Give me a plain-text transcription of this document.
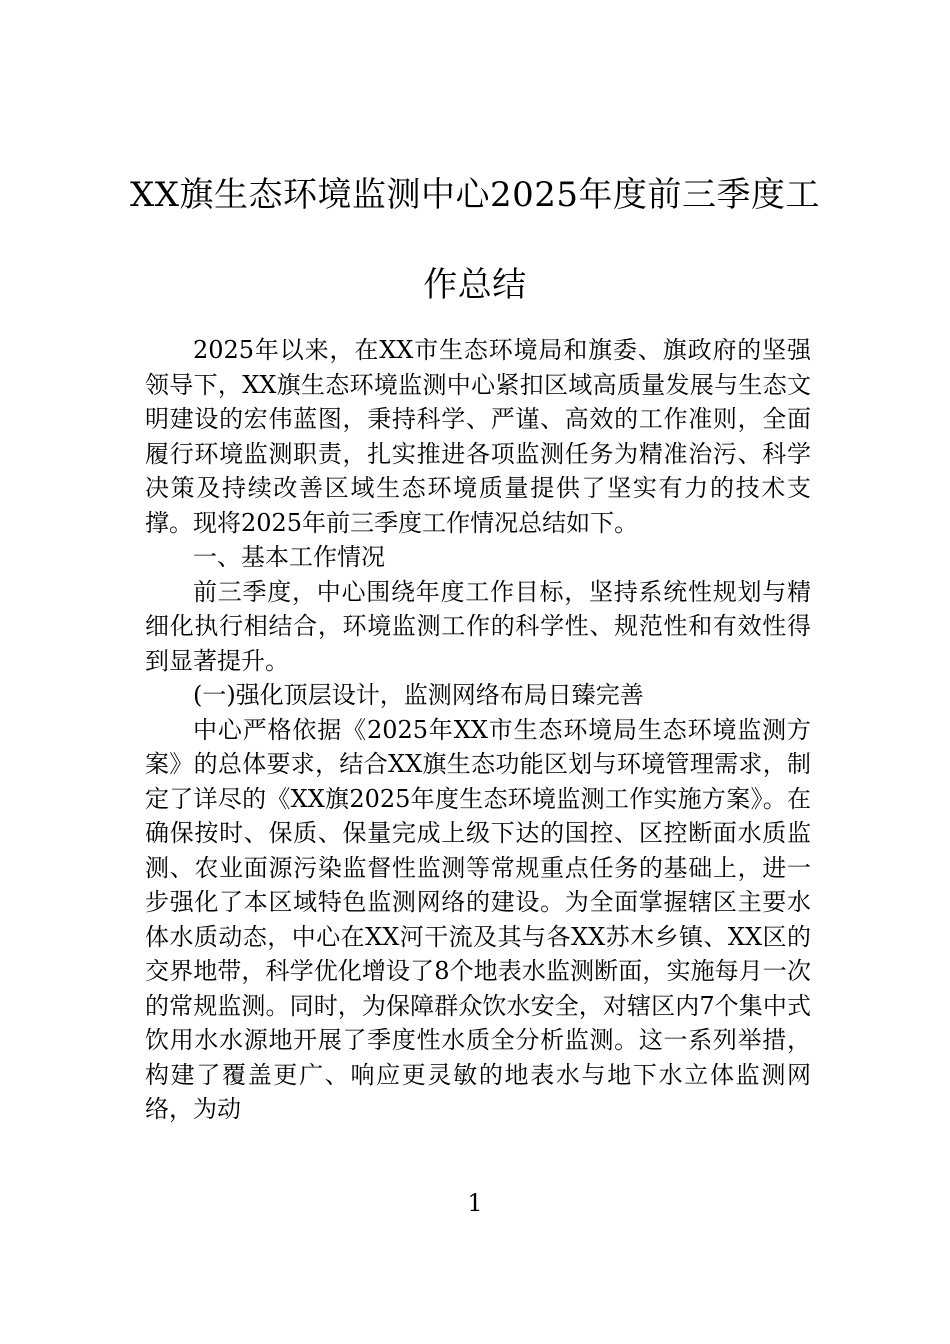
XX旗生态环境监测中心2025年度前三季度工作总结

2025年以来，在XX市生态环境局和旗委、旗政府的坚强领导下，XX旗生态环境监测中心紧扣区域高质量发展与生态文明建设的宏伟蓝图，秉持科学、严谨、高效的工作准则，全面履行环境监测职责，扎实推进各项监测任务为精准治污、科学决策及持续改善区域生态环境质量提供了坚实有力的技术支撑。现将2025年前三季度工作情况总结如下。

一、基本工作情况

前三季度，中心围绕年度工作目标，坚持系统性规划与精细化执行相结合，环境监测工作的科学性、规范性和有效性得到显著提升。

(一)强化顶层设计，监测网络布局日臻完善

中心严格依据《2025年XX市生态环境局生态环境监测方案》的总体要求，结合XX旗生态功能区划与环境管理需求，制定了详尽的《XX旗2025年度生态环境监测工作实施方案》。在确保按时、保质、保量完成上级下达的国控、区控断面水质监测、农业面源污染监督性监测等常规重点任务的基础上，进一步强化了本区域特色监测网络的建设。为全面掌握辖区主要水体水质动态，中心在XX河干流及其与各XX苏木乡镇、XX区的交界地带，科学优化增设了8个地表水监测断面，实施每月一次的常规监测。同时，为保障群众饮水安全，对辖区内7个集中式饮用水水源地开展了季度性水质全分析监测。这一系列举措，构建了覆盖更广、响应更灵敏的地表水与地下水立体监测网络，为动

1
